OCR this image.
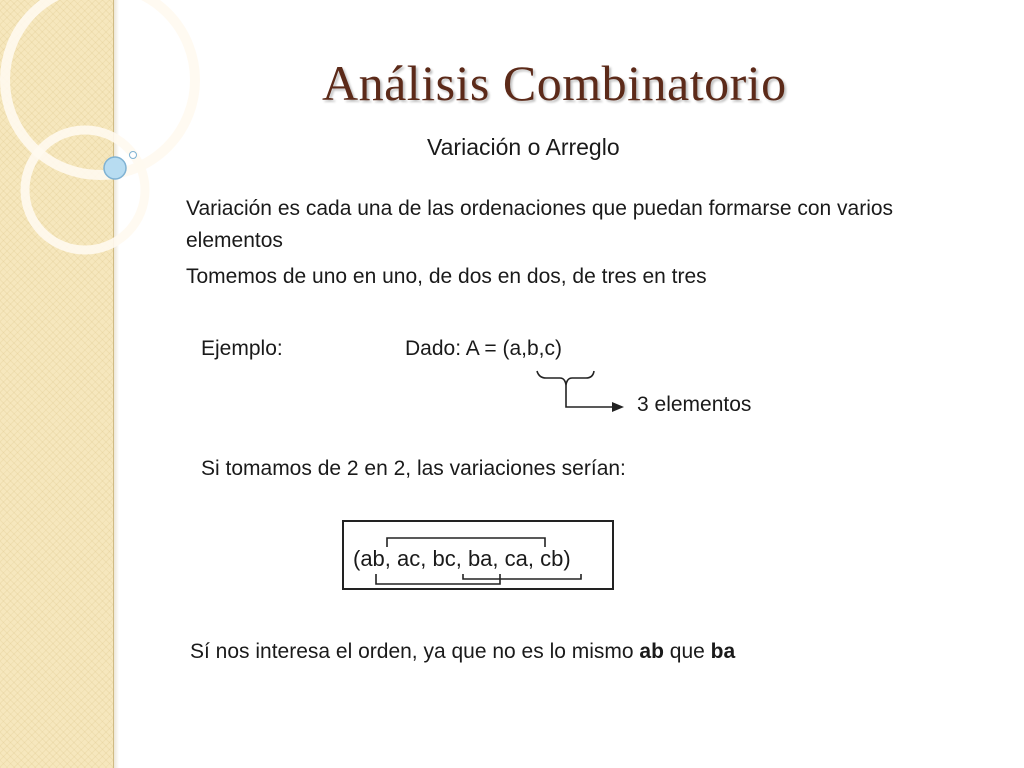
Análisis Combinatorio
Variación o Arreglo
Variación es cada una de las ordenaciones que puedan formarse con varios elementos
Tomemos de uno en uno, de dos en dos, de tres en tres
Ejemplo:	Dado: A = (a,b,c)
3 elementos
Si tomamos de 2 en 2, las variaciones serían:
(ab, ac, bc, ba, ca, cb)
Sí nos interesa el orden, ya que no es lo mismo ab que ba
